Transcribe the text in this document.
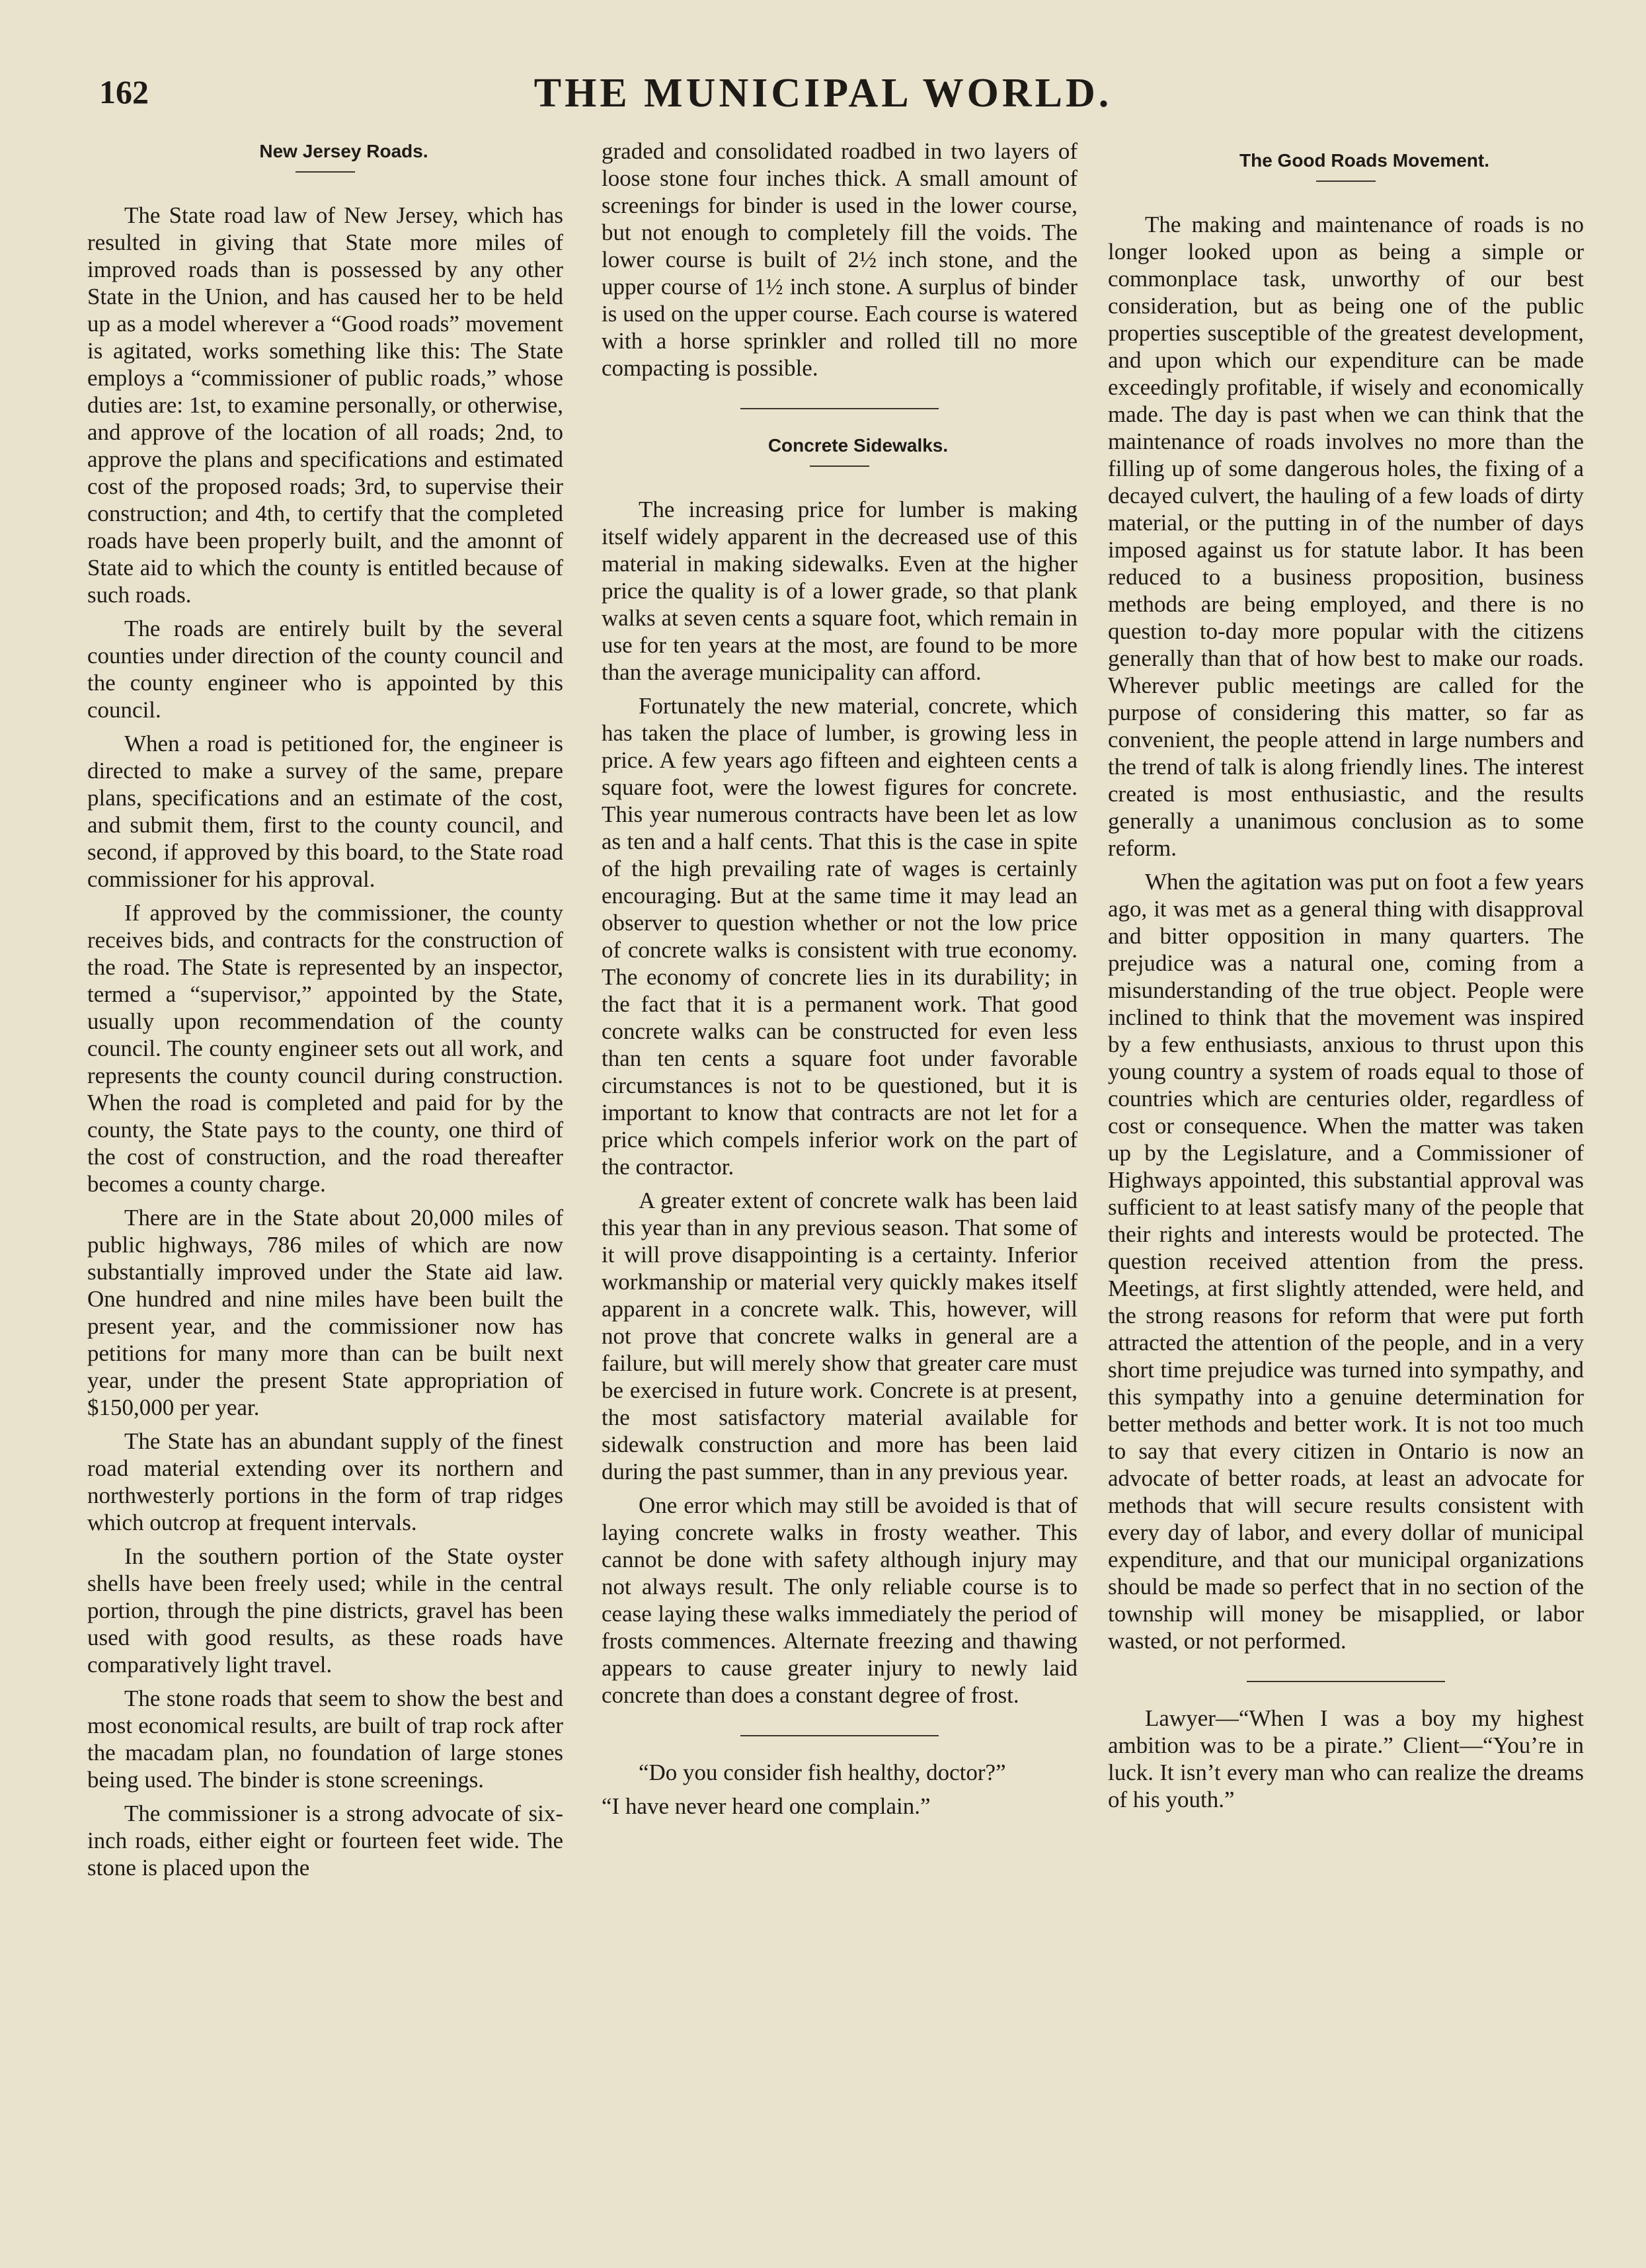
162	THE MUNICIPAL WORLD.

New Jersey Roads.

The State road law of New Jersey, which has resulted in giving that State more miles of improved roads than is possessed by any other State in the Union, and has caused her to be held up as a model wherever a “Good roads” movement is agitated, works something like this: The State employs a “commissioner of public roads,” whose duties are: 1st, to examine personally, or otherwise, and approve of the location of all roads; 2nd, to approve the plans and specifications and estimated cost of the proposed roads; 3rd, to supervise their construction; and 4th, to certify that the completed roads have been properly built, and the amonnt of State aid to which the county is entitled because of such roads.

The roads are entirely built by the several counties under direction of the county council and the county engineer who is appointed by this council.

When a road is petitioned for, the engineer is directed to make a survey of the same, prepare plans, specifications and an estimate of the cost, and submit them, first to the county council, and second, if approved by this board, to the State road commissioner for his approval.

If approved by the commissioner, the county receives bids, and contracts for the construction of the road. The State is represented by an inspector, termed a “supervisor,” appointed by the State, usually upon recommendation of the county council. The county engineer sets out all work, and represents the county council during construction. When the road is completed and paid for by the county, the State pays to the county, one third of the cost of construction, and the road thereafter becomes a county charge.

There are in the State about 20,000 miles of public highways, 786 miles of which are now substantially improved under the State aid law. One hundred and nine miles have been built the present year, and the commissioner now has petitions for many more than can be built next year, under the present State appropriation of $150,000 per year.

The State has an abundant supply of the finest road material extending over its northern and northwesterly portions in the form of trap ridges which outcrop at frequent intervals.

In the southern portion of the State oyster shells have been freely used; while in the central portion, through the pine districts, gravel has been used with good results, as these roads have comparatively light travel.

The stone roads that seem to show the best and most economical results, are built of trap rock after the macadam plan, no foundation of large stones being used. The binder is stone screenings.

The commissioner is a strong advocate of six-inch roads, either eight or fourteen feet wide. The stone is placed upon the

graded and consolidated roadbed in two layers of loose stone four inches thick. A small amount of screenings for binder is used in the lower course, but not enough to completely fill the voids. The lower course is built of 2½ inch stone, and the upper course of 1½ inch stone. A surplus of binder is used on the upper course. Each course is watered with a horse sprinkler and rolled till no more compacting is possible.

Concrete Sidewalks.

The increasing price for lumber is making itself widely apparent in the decreased use of this material in making sidewalks. Even at the higher price the quality is of a lower grade, so that plank walks at seven cents a square foot, which remain in use for ten years at the most, are found to be more than the average municipality can afford.

Fortunately the new material, concrete, which has taken the place of lumber, is growing less in price. A few years ago fifteen and eighteen cents a square foot, were the lowest figures for concrete. This year numerous contracts have been let as low as ten and a half cents. That this is the case in spite of the high prevailing rate of wages is certainly encouraging. But at the same time it may lead an observer to question whether or not the low price of concrete walks is consistent with true economy. The economy of concrete lies in its durability; in the fact that it is a permanent work. That good concrete walks can be constructed for even less than ten cents a square foot under favorable circumstances is not to be questioned, but it is important to know that contracts are not let for a price which compels inferior work on the part of the contractor.

A greater extent of concrete walk has been laid this year than in any previous season. That some of it will prove disappointing is a certainty. Inferior workmanship or material very quickly makes itself apparent in a concrete walk. This, however, will not prove that concrete walks in general are a failure, but will merely show that greater care must be exercised in future work. Concrete is at present, the most satisfactory material available for sidewalk construction and more has been laid during the past summer, than in any previous year.

One error which may still be avoided is that of laying concrete walks in frosty weather. This cannot be done with safety although injury may not always result. The only reliable course is to cease laying these walks immediately the period of frosts commences. Alternate freezing and thawing appears to cause greater injury to newly laid concrete than does a constant degree of frost.

“Do you consider fish healthy, doctor?”

“I have never heard one complain.”

The Good Roads Movement.

The making and maintenance of roads is no longer looked upon as being a simple or commonplace task, unworthy of our best consideration, but as being one of the public properties susceptible of the greatest development, and upon which our expenditure can be made exceedingly profitable, if wisely and economically made. The day is past when we can think that the maintenance of roads involves no more than the filling up of some dangerous holes, the fixing of a decayed culvert, the hauling of a few loads of dirty material, or the putting in of the number of days imposed against us for statute labor. It has been reduced to a business proposition, business methods are being employed, and there is no question to-day more popular with the citizens generally than that of how best to make our roads. Wherever public meetings are called for the purpose of considering this matter, so far as convenient, the people attend in large numbers and the trend of talk is along friendly lines. The interest created is most enthusiastic, and the results generally a unanimous conclusion as to some reform.

When the agitation was put on foot a few years ago, it was met as a general thing with disapproval and bitter opposition in many quarters. The prejudice was a natural one, coming from a misunderstanding of the true object. People were inclined to think that the movement was inspired by a few enthusiasts, anxious to thrust upon this young country a system of roads equal to those of countries which are centuries older, regardless of cost or consequence. When the matter was taken up by the Legislature, and a Commissioner of Highways appointed, this substantial approval was sufficient to at least satisfy many of the people that their rights and interests would be protected. The question received attention from the press. Meetings, at first slightly attended, were held, and the strong reasons for reform that were put forth attracted the attention of the people, and in a very short time prejudice was turned into sympathy, and this sympathy into a genuine determination for better methods and better work. It is not too much to say that every citizen in Ontario is now an advocate of better roads, at least an advocate for methods that will secure results consistent with every day of labor, and every dollar of municipal expenditure, and that our municipal organizations should be made so perfect that in no section of the township will money be misapplied, or labor wasted, or not performed.

Lawyer—“When I was a boy my highest ambition was to be a pirate.” Client—“You’re in luck. It isn’t every man who can realize the dreams of his youth.”
